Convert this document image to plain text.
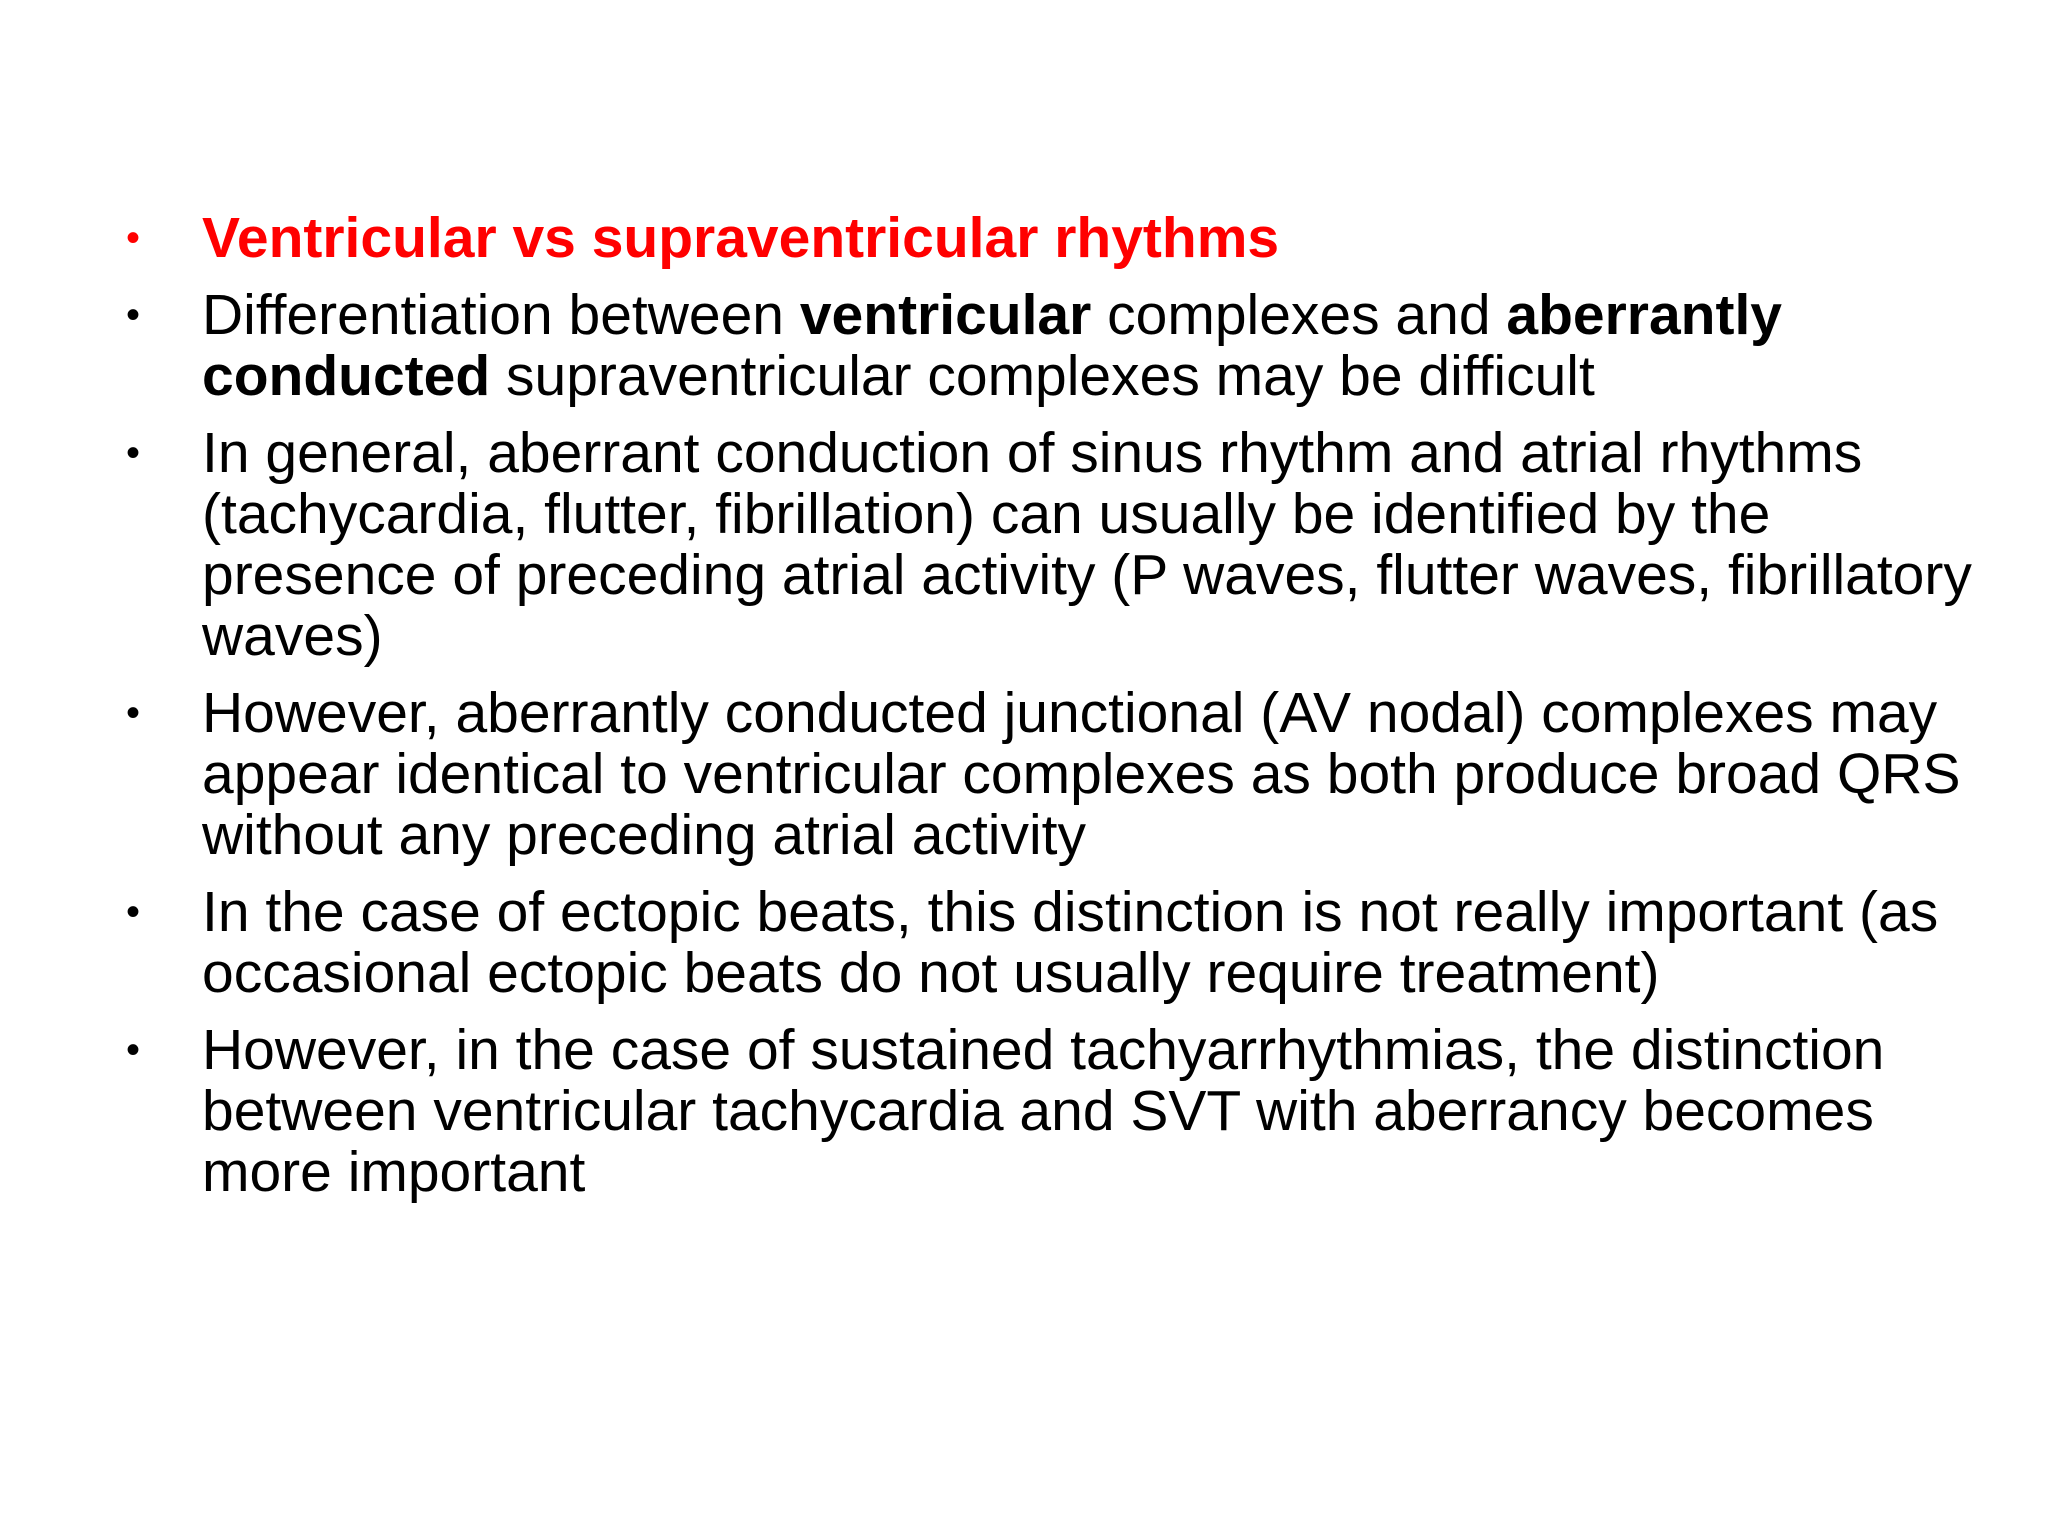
• Ventricular vs supraventricular rhythms
• Differentiation between ventricular complexes and aberrantly conducted supraventricular complexes may be difficult
• In general, aberrant conduction of sinus rhythm and atrial rhythms (tachycardia, flutter, fibrillation) can usually be identified by the presence of preceding atrial activity (P waves, flutter waves, fibrillatory waves)
• However, aberrantly conducted junctional (AV nodal) complexes may appear identical to ventricular complexes as both produce broad QRS without any preceding atrial activity
• In the case of ectopic beats, this distinction is not really important (as occasional ectopic beats do not usually require treatment)
• However, in the case of sustained tachyarrhythmias, the distinction between ventricular tachycardia and SVT with aberrancy becomes more important
